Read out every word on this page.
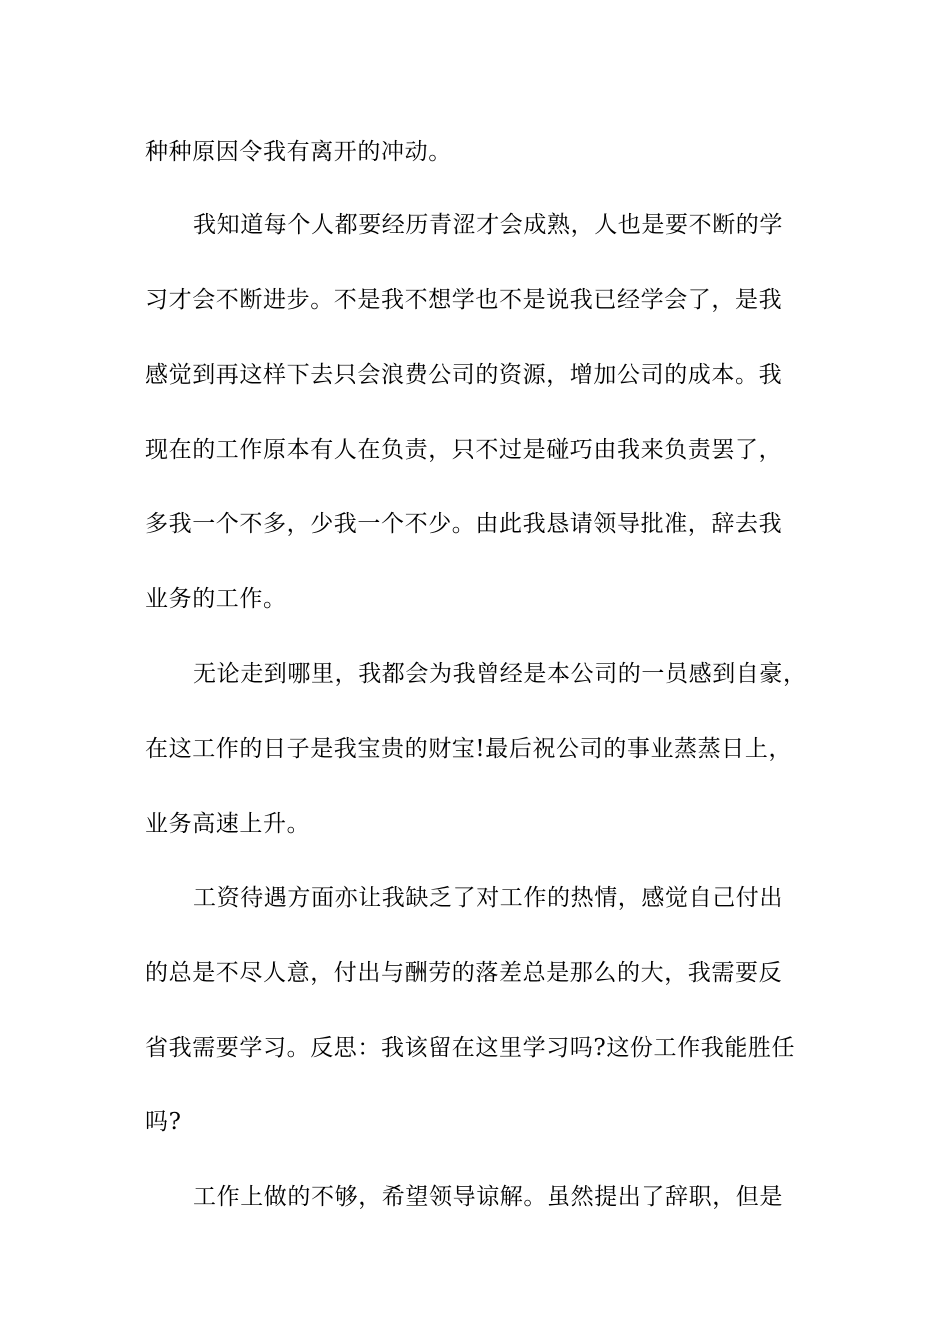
种种原因令我有离开的冲动。
我知道每个人都要经历青涩才会成熟，人也是要不断的学
习才会不断进步。不是我不想学也不是说我已经学会了，是我
感觉到再这样下去只会浪费公司的资源，增加公司的成本。我
现在的工作原本有人在负责，只不过是碰巧由我来负责罢了，
多我一个不多，少我一个不少。由此我恳请领导批准，辞去我
业务的工作。
无论走到哪里，我都会为我曾经是本公司的一员感到自豪，
在这工作的日子是我宝贵的财宝!最后祝公司的事业蒸蒸日上，
业务高速上升。
工资待遇方面亦让我缺乏了对工作的热情，感觉自己付出
的总是不尽人意，付出与酬劳的落差总是那么的大，我需要反
省我需要学习。反思：我该留在这里学习吗?这份工作我能胜任
吗?
工作上做的不够，希望领导谅解。虽然提出了辞职，但是
